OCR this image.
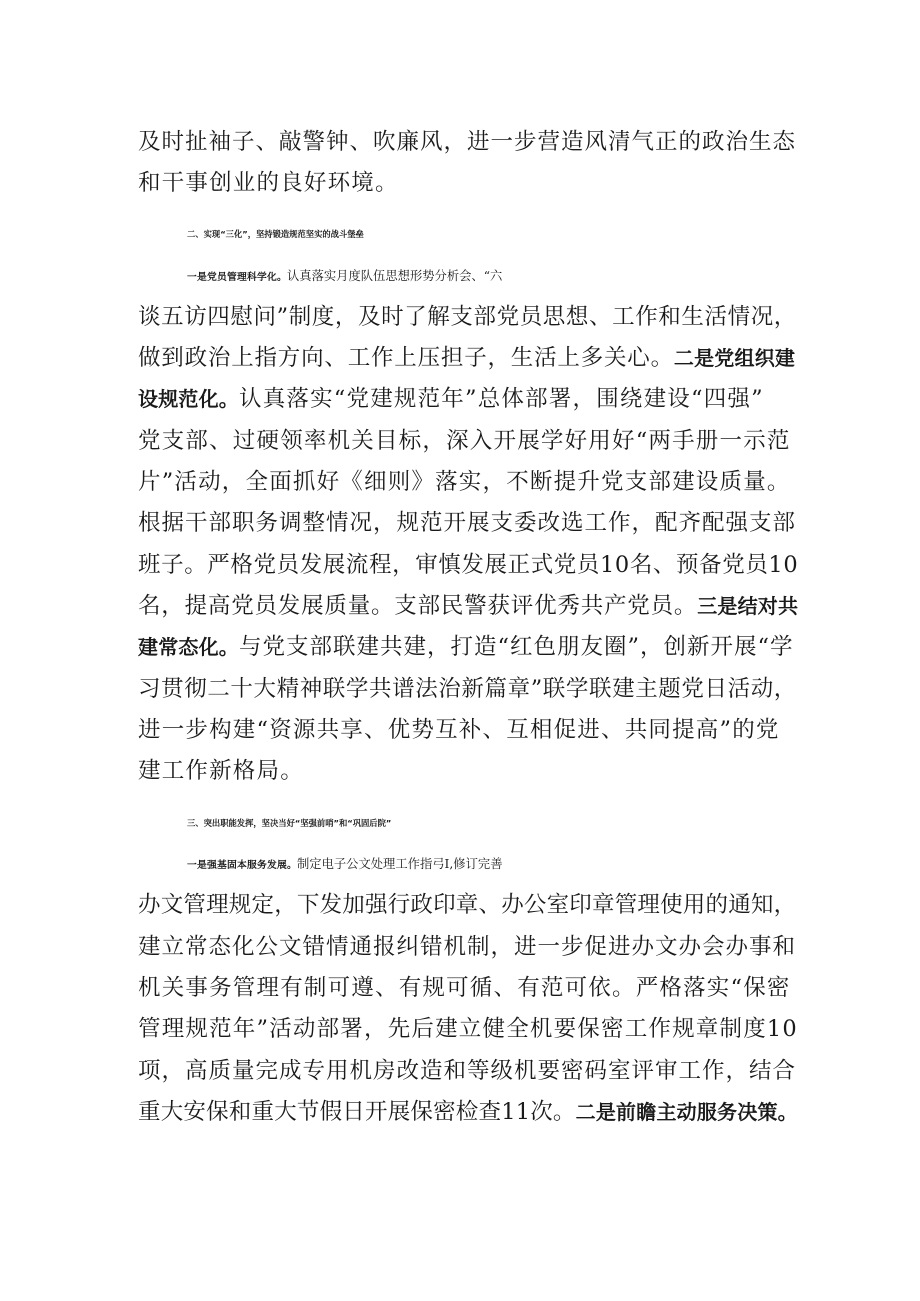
及时扯袖子、敲警钟、吹廉风，进一步营造风清气正的政治生态
和干事创业的良好环境。
二、实现“三化”，坚持锻造规范坚实的战斗堡垒
一是党员管理科学化。认真落实月度队伍思想形势分析会、“六
谈五访四慰问”制度，及时了解支部党员思想、工作和生活情况，
做到政治上指方向、工作上压担子，生活上多关心。二是党组织建
设规范化。认真落实“党建规范年”总体部署，围绕建设“四强”
党支部、过硬领率机关目标，深入开展学好用好“两手册一示范
片”活动，全面抓好《细则》落实，不断提升党支部建设质量。
根据干部职务调整情况，规范开展支委改选工作，配齐配强支部
班子。严格党员发展流程，审慎发展正式党员10名、预备党员10
名，提高党员发展质量。支部民警获评优秀共产党员。三是结对共
建常态化。与党支部联建共建，打造“红色朋友圈”，创新开展“学
习贯彻二十大精神联学共谱法治新篇章”联学联建主题党日活动，
进一步构建“资源共享、优势互补、互相促进、共同提高”的党
建工作新格局。
三、突出职能发挥，坚决当好“坚强前哨”和“巩固后院”
一是强基固本服务发展。制定电子公文处理工作指弓I,修订完善
办文管理规定，下发加强行政印章、办公室印章管理使用的通知，
建立常态化公文错情通报纠错机制，进一步促进办文办会办事和
机关事务管理有制可遵、有规可循、有范可依。严格落实“保密
管理规范年”活动部署，先后建立健全机要保密工作规章制度10
项，高质量完成专用机房改造和等级机要密码室评审工作，结合
重大安保和重大节假日开展保密检查11次。二是前瞻主动服务决策。
